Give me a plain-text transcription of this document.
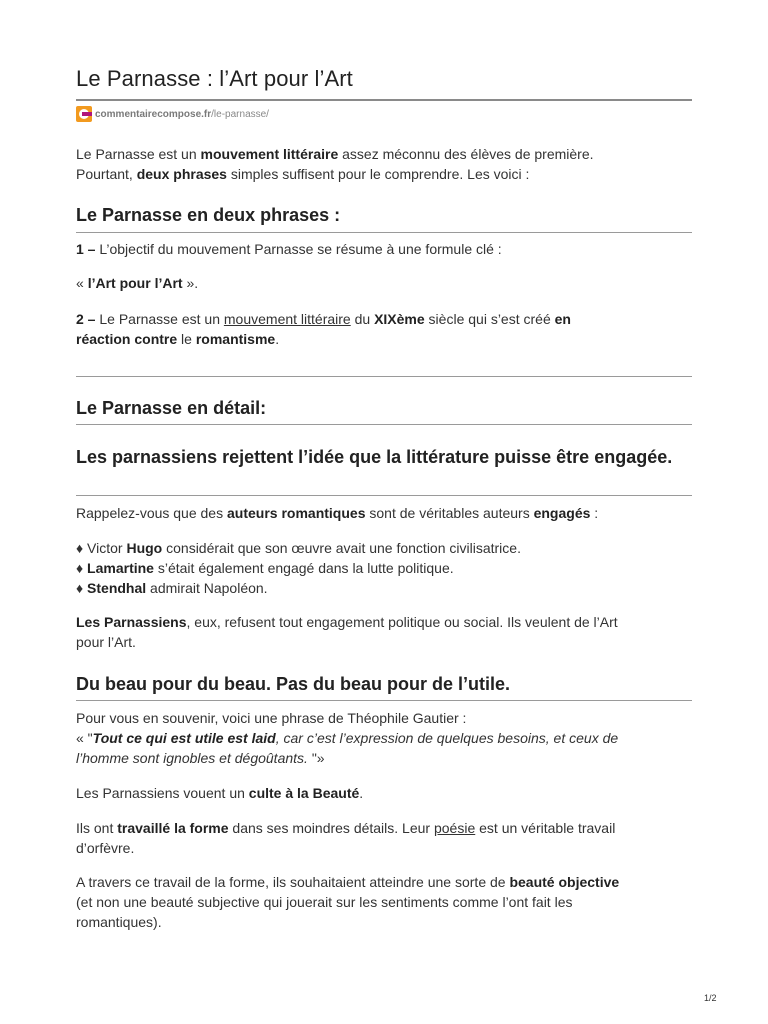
Le Parnasse : l’Art pour l’Art
commentairecompose.fr /le-parnasse/

Le Parnasse est un mouvement littéraire assez méconnu des élèves de première.
Pourtant, deux phrases simples suffisent pour le comprendre. Les voici :

Le Parnasse en deux phrases :

1 – L’objectif du mouvement Parnasse se résume à une formule clé :

« l’Art pour l’Art ».

2 – Le Parnasse est un mouvement littéraire du XIXème siècle qui s’est créé en
réaction contre le romantisme.

Le Parnasse en détail:
Les parnassiens rejettent l’idée que la littérature puisse être engagée.

Rappelez-vous que des auteurs romantiques sont de véritables auteurs engagés :

♦ Victor Hugo considérait que son œuvre avait une fonction civilisatrice.
♦ Lamartine s’était également engagé dans la lutte politique.
♦ Stendhal admirait Napoléon.

Les Parnassiens, eux, refusent tout engagement politique ou social. Ils veulent de l’Art
pour l’Art.

Du beau pour du beau. Pas du beau pour de l’utile.

Pour vous en souvenir, voici une phrase de Théophile Gautier :
« "Tout ce qui est utile est laid, car c’est l’expression de quelques besoins, et ceux de
l’homme sont ignobles et dégoûtants. "»

Les Parnassiens vouent un culte à la Beauté.

Ils ont travaillé la forme dans ses moindres détails. Leur poésie est un véritable travail
d’orfèvre.

A travers ce travail de la forme, ils souhaitaient atteindre une sorte de beauté objective
(et non une beauté subjective qui jouerait sur les sentiments comme l’ont fait les
romantiques).

1/2
